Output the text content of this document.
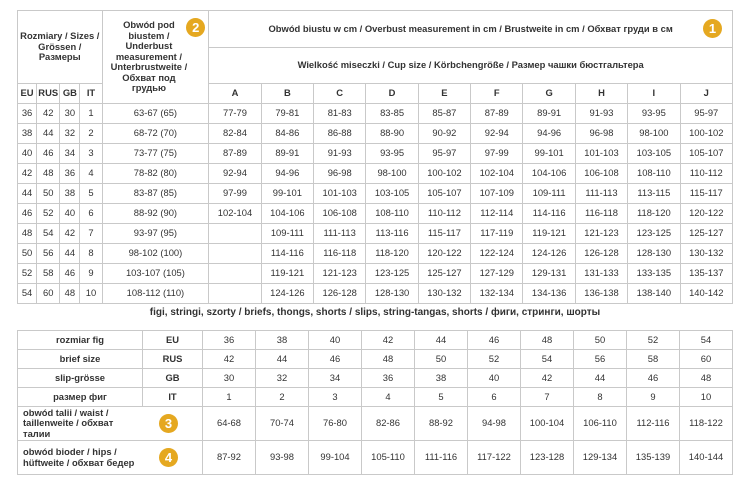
Rozmiary / Sizes / Grössen / Размеры				Obwód pod biustem / Underbust measurement / Unterbrustweite / Обхват под грудью
2	Obwód biustu w cm / Overbust measurement in cm / Brustweite in cm / Обхват груди в см 1									

					Wielkość miseczki / Cup size / Körbchengröße / Размер чашки бюстгальтера									
EU	RUS	GB	IT		A	B	C	D	E	F	G	H	I	J
36	42	30	1	63-67 (65)	77-79	79-81	81-83	83-85	85-87	87-89	89-91	91-93	93-95	95-97
38	44	32	2	68-72 (70)	82-84	84-86	86-88	88-90	90-92	92-94	94-96	96-98	98-100	100-102
40	46	34	3	73-77 (75)	87-89	89-91	91-93	93-95	95-97	97-99	99-101	101-103	103-105	105-107
42	48	36	4	78-82 (80)	92-94	94-96	96-98	98-100	100-102	102-104	104-106	106-108	108-110	110-112
44	50	38	5	83-87 (85)	97-99	99-101	101-103	103-105	105-107	107-109	109-111	111-113	113-115	115-117
46	52	40	6	88-92 (90)	102-104	104-106	106-108	108-110	110-112	112-114	114-116	116-118	118-120	120-122
48	54	42	7	93-97 (95)		109-111	111-113	113-116	115-117	117-119	119-121	121-123	123-125	125-127
50	56	44	8	98-102 (100)		114-116	116-118	118-120	120-122	122-124	124-126	126-128	128-130	130-132
52	58	46	9	103-107 (105)		119-121	121-123	123-125	125-127	127-129	129-131	131-133	133-135	135-137
54	60	48	10	108-112 (110)		124-126	126-128	128-130	130-132	132-134	134-136	136-138	138-140	140-142
figi, stringi, szorty / briefs, thongs, shorts / slips, string-tangas, shorts / фиги, стринги, шорты
rozmiar fig	EU	36	38	40	42	44	46	48	50	52	54
brief size	RUS	42	44	46	48	50	52	54	56	58	60
slip-grösse	GB	30	32	34	36	38	40	42	44	46	48
размер фиг	IT	1	2	3	4	5	6	7	8	9	10
obwód talii / waist / taillenweite / обхват талии
3		64-68	70-74	76-80	82-86	88-92	94-98	100-104	106-110	112-116	118-122
obwód bioder / hips / hüftweite / обхват бедер 4		87-92	93-98	99-104	105-110	111-116	117-122	123-128	129-134	135-139	140-144
